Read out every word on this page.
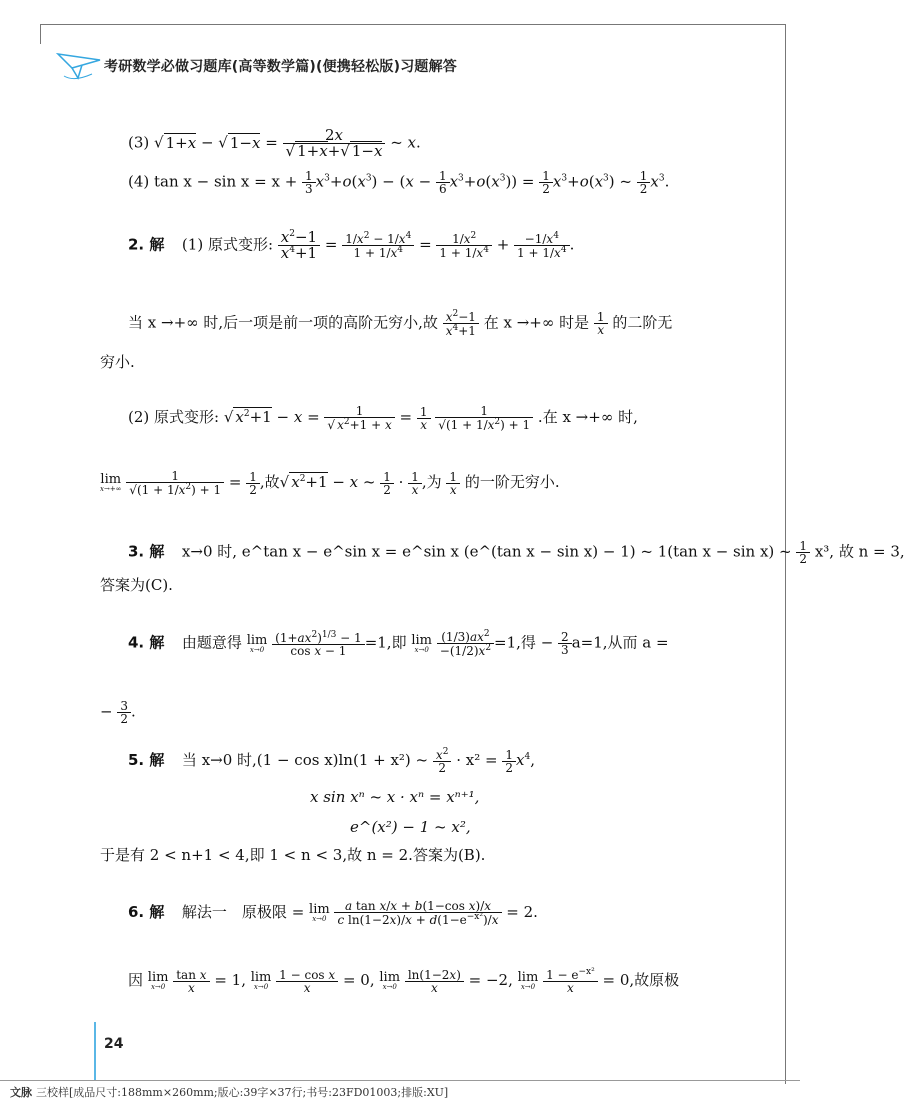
考研数学必做习题库(高等数学篇)(便携轻松版)习题解答
(3) √ 1+x − √ $1-x = \frac{2x}{√ 1+x+√ 1-x}$ ~ x.
(4) $\tan x - \sin x = x + \frac{1}{3} x^3+o(x^3) - (x - \frac{1}{6} x^3+o(x^3)) = \frac{1}{2} x^3+o(x^3)$ ~ $\frac{1}{2} x^3$.
2. 解 (1) 原式变形: $\frac{x^2-1}{x^4+1} = \frac{1/x^2 - 1/x^4}{1 + 1/x^4} = \frac{1/x^2}{1 + 1/x^4} + \frac{-1/x^4}{1 + 1/x^4}$ .
当 x →+∞ 时,后一项是前一项的高阶无穷小,故 $\frac{x^2-1}{x^4+1}$ 在 x →+∞ 时是 $\frac{1}{x}$ 的二阶无
穷小.
(2) 原式变形: √ $x^2+1 - x = \frac{1}{√ x^2+1 + x} = \frac{1}{x}$
$\frac{1}{√(1 + 1/x^2) + 1}$ .在 x →+∞ 时,
lim
x→+∞
$\frac{1}{√(1 + 1/x^2) + 1} = \frac{1}{2}$ ,故√ $x^2+1 - x$ ~ $\frac{1}{2} \cdot \frac{1}{x}$ ,为 $\frac{1}{x}$ 的一阶无穷小.
3. 解 x→0 时, e^tan x − e^sin x = e^sin x (e^(tan x − sin x) − 1) ~ 1(tan x − sin x) ~ $\frac{1}{2} x^3$, 故 n = 3,
答案为(C).
4. 解 由题意得 lim
x→0
$\frac{(1+ax^2)^{1/3} - 1}{\text{cos x − 1}} =1$,即 lim
x→0
$\frac{(1/3)ax^2}{-(1/2)x^2} =1$,得 − $\frac{2}{3} a=1$,从而 a =
− $\frac{3}{2}$ .
5. 解 当 x→0 时,(1 − cos x)ln(1 + x²) ~ $\frac{x^2}{2} \cdot x^2 = \frac{1}{2} x^4$,
x sin xⁿ ~ x · xⁿ = xⁿ⁺¹,
e^(x²) − 1 ~ x²,
于是有 2 < n+1 < 4,即 1 < n < 3,故 n = 2.答案为(B).
6. 解 解法一　原极限 = lim
x→0
$\frac{\text{a tan x/x + b(1−cos x)/x}}{c \ln(1-2x)/x + d(1-e^{-x^2})/x} = 2$.
因 lim
x→0
$\frac{\text{tan x}}{x} = 1$, lim
x→0
$\frac{\text{1 − cos x}}{x} = 0$, lim
x→0
$\frac{\ln(1-2x)}{x} = -2$, lim
x→0
$\frac{1 - e^{-x^2}}{x} = 0$,故原极
24
文脉 三校样[成品尺寸:188mm×260mm;版心:39字×37行;书号:23FD01003;排版:XU]
